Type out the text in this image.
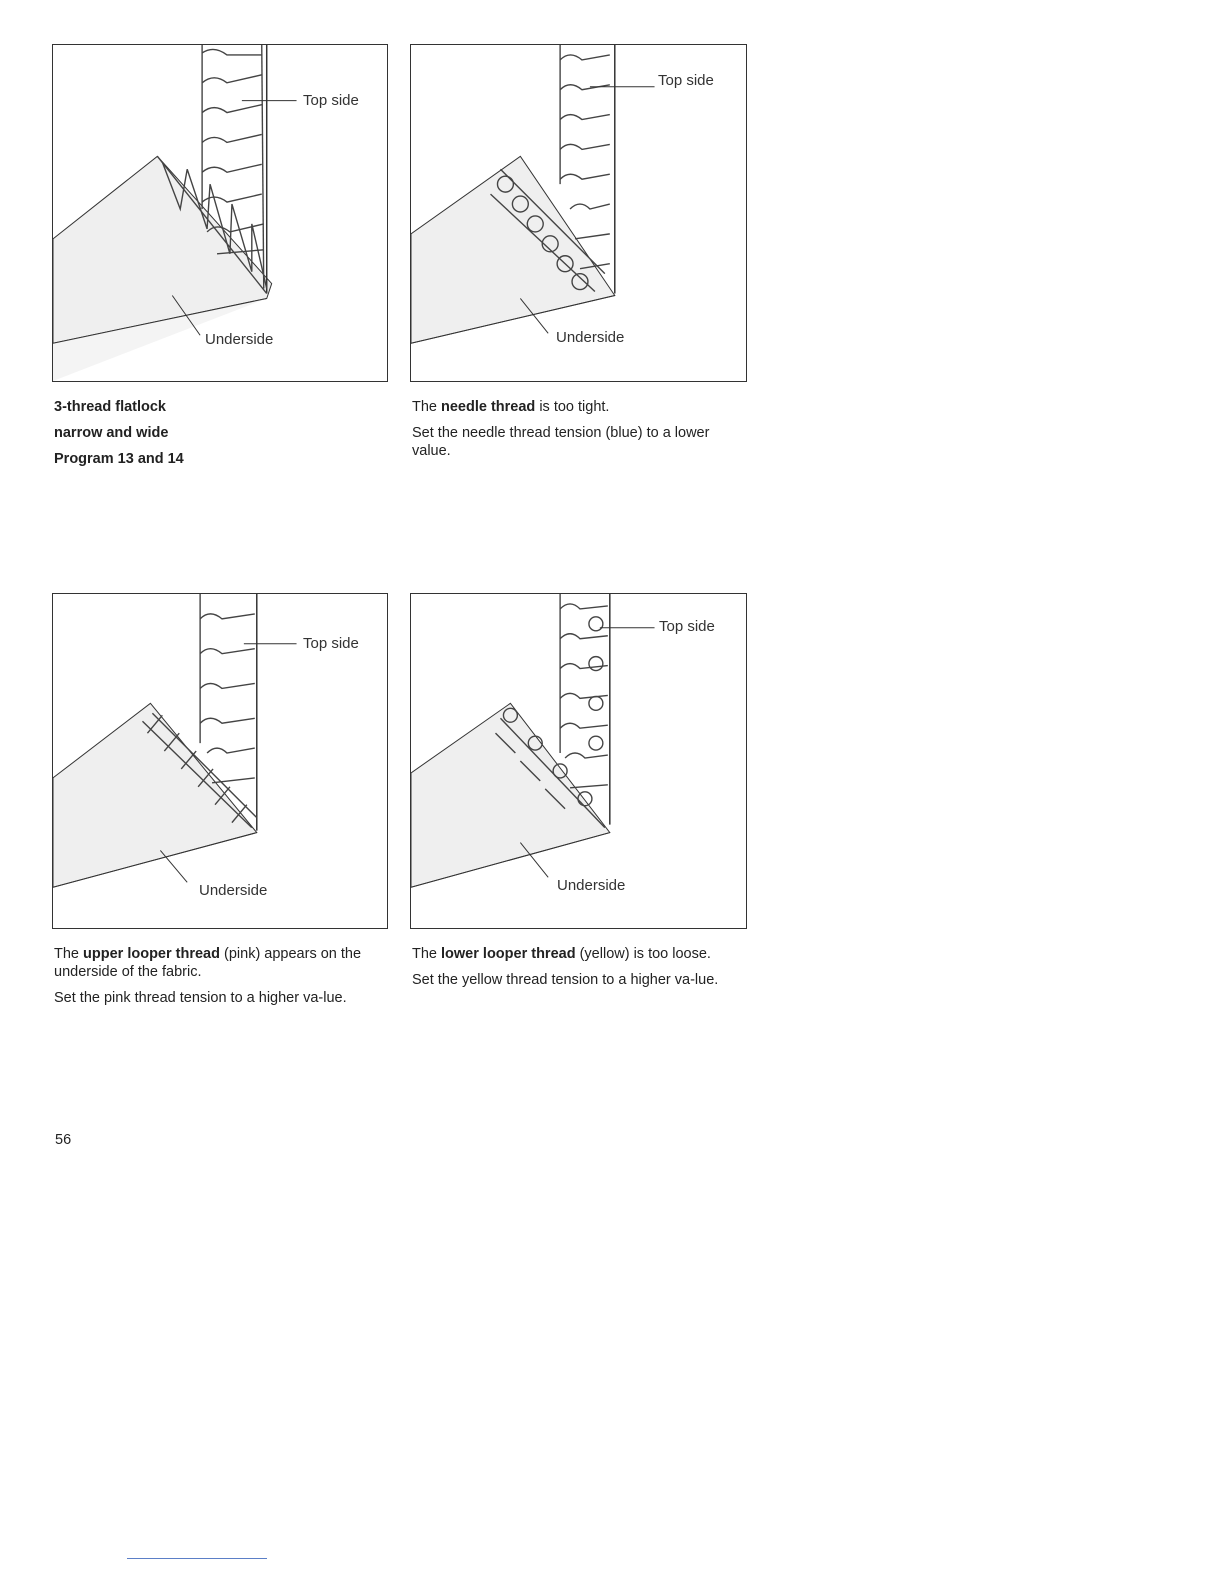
Top side
Underside
Top side
Underside
Top side
Underside
Top side
Underside

3-thread flatlock

narrow and wide

Program 13 and 14

The needle thread is too tight.

Set the needle thread tension (blue) to a lower value.

The upper looper thread (pink) appears on the underside of the fabric.

Set the pink thread tension to a higher va-lue.

The lower looper thread (yellow) is too loose.

Set the yellow thread tension to a higher va-lue.

56
